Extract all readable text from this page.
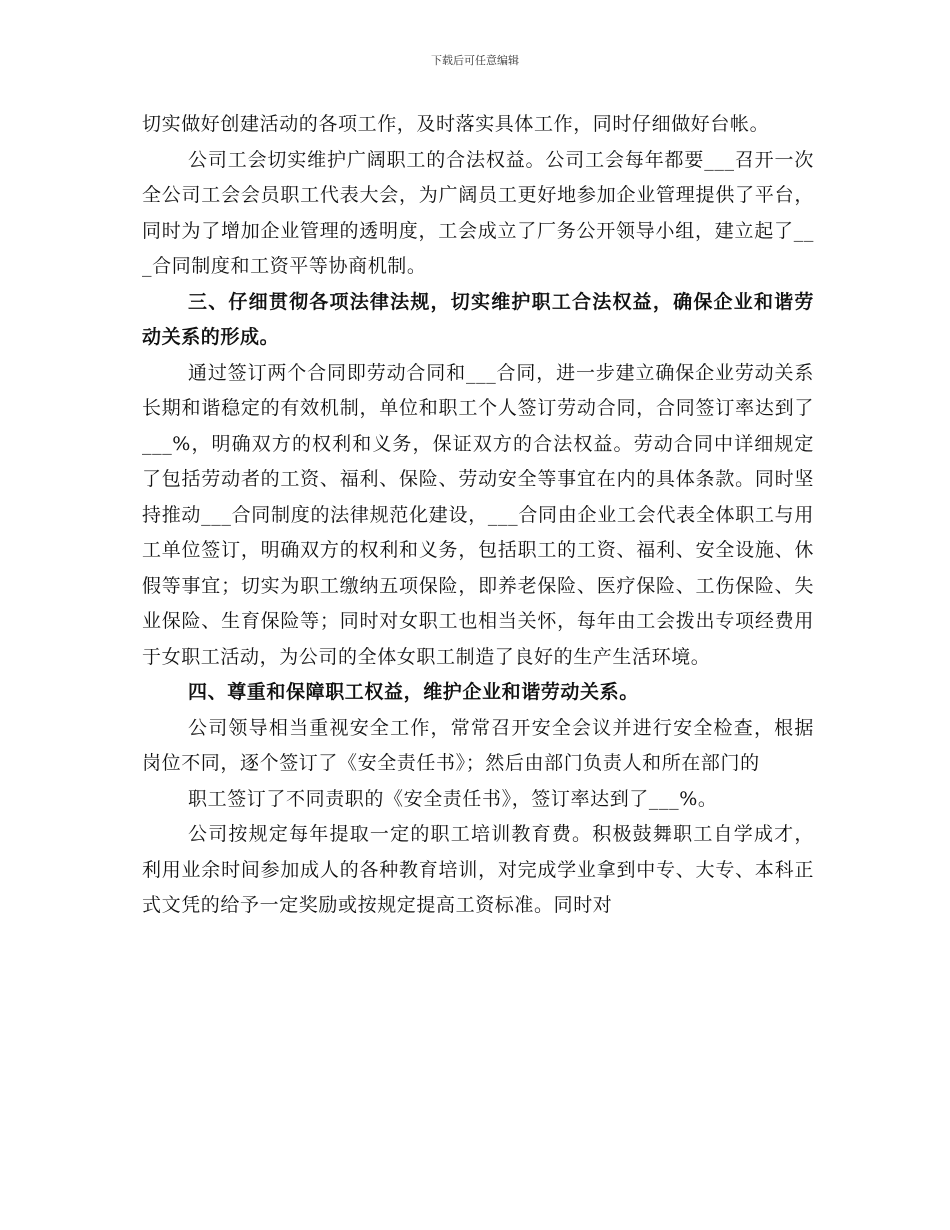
下载后可任意编辑

切实做好创建活动的各项工作，及时落实具体工作，同时仔细做好台帐。

公司工会切实维护广阔职工的合法权益。公司工会每年都要___召开一次全公司工会会员职工代表大会，为广阔员工更好地参加企业管理提供了平台，同时为了增加企业管理的透明度，工会成立了厂务公开领导小组，建立起了___合同制度和工资平等协商机制。

三、仔细贯彻各项法律法规，切实维护职工合法权益，确保企业和谐劳动关系的形成。

通过签订两个合同即劳动合同和___合同，进一步建立确保企业劳动关系长期和谐稳定的有效机制，单位和职工个人签订劳动合同，合同签订率达到了___%，明确双方的权利和义务，保证双方的合法权益。劳动合同中详细规定了包括劳动者的工资、福利、保险、劳动安全等事宜在内的具体条款。同时坚持推动___合同制度的法律规范化建设，___合同由企业工会代表全体职工与用工单位签订，明确双方的权利和义务，包括职工的工资、福利、安全设施、休假等事宜；切实为职工缴纳五项保险，即养老保险、医疗保险、工伤保险、失业保险、生育保险等；同时对女职工也相当关怀，每年由工会拨出专项经费用于女职工活动，为公司的全体女职工制造了良好的生产生活环境。

四、尊重和保障职工权益，维护企业和谐劳动关系。

公司领导相当重视安全工作，常常召开安全会议并进行安全检查，根据岗位不同，逐个签订了《安全责任书》；然后由部门负责人和所在部门的

职工签订了不同责职的《安全责任书》，签订率达到了___%。

公司按规定每年提取一定的职工培训教育费。积极鼓舞职工自学成才，利用业余时间参加成人的各种教育培训，对完成学业拿到中专、大专、本科正式文凭的给予一定奖励或按规定提高工资标准。同时对
